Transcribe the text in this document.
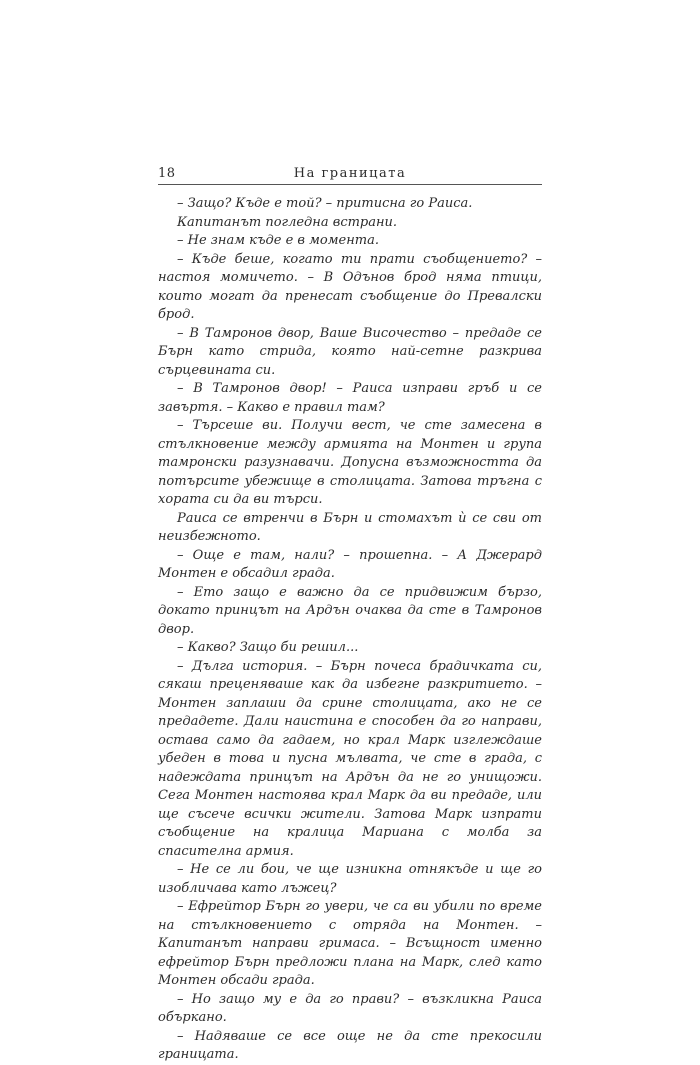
18	На границата

– Защо? Къде е той? – притисна го Раиса.

Капитанът погледна встрани.

– Не знам къде е в момента.

– Къде беше, когато ти прати съобщението? – настоя момичето. – В Одънов брод няма птици, които могат да пренесат съобщение до Превалски брод.

– В Тамронов двор, Ваше Височество – предаде се Бърн като стрида, която най-сетне разкрива сърцевината си.

– В Тамронов двор! – Раиса изправи гръб и се завъртя. – Какво е правил там?

– Търсеше ви. Получи вест, че сте замесена в стълкновение между армията на Монтен и група тамронски разузнавачи. Допусна възможността да потърсите убежище в столицата. Затова тръгна с хората си да ви търси.

Раиса се втренчи в Бърн и стомахът ѝ се сви от неизбежното.

– Още е там, нали? – прошепна. – А Джерард Монтен е обсадил града.

– Ето защо е важно да се придвижим бързо, докато принцът на Ардън очаква да сте в Тамронов двор.

– Какво? Защо би решил...

– Дълга история. – Бърн почеса брадичката си, сякаш преценяваше как да избегне разкритието. – Монтен заплаши да срине столицата, ако не се предадете. Дали наистина е способен да го направи, остава само да гадаем, но крал Марк изглеждаше убеден в това и пусна мълвата, че сте в града, с надеждата принцът на Ардън да не го унищожи. Сега Монтен настоява крал Марк да ви предаде, или ще съсече всички жители. Затова Марк изпрати съобщение на кралица Мариана с молба за спасителна армия.

– Не се ли бои, че ще изникна отнякъде и ще го изобличава като лъжец?

– Ефрейтор Бърн го увери, че са ви убили по време на стълкновението с отряда на Монтен. – Капитанът направи гримаса. – Всъщност именно ефрейтор Бърн предложи плана на Марк, след като Монтен обсади града.

– Но защо му е да го прави? – възкликна Раиса объркано.

– Надяваше се все още не да сте прекосили границата.
